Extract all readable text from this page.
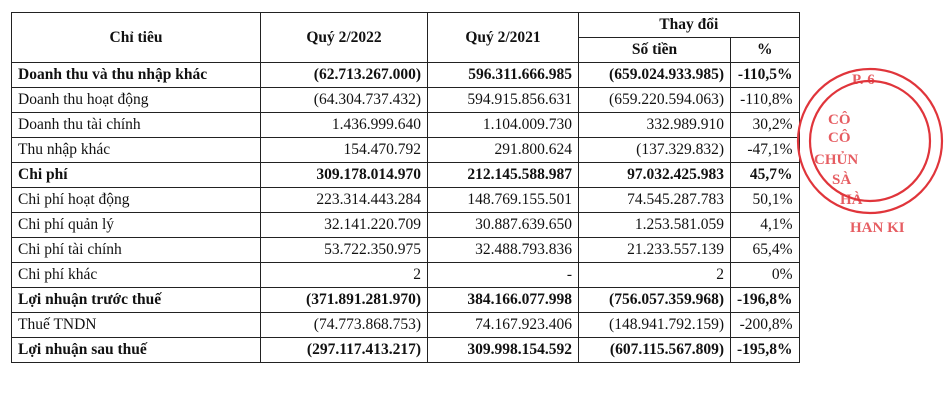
Chỉ tiêu	Quý 2/2022	Quý 2/2021	Thay đổi	
			Số tiền	%
Doanh thu và thu nhập khác	(62.713.267.000)	596.311.666.985	(659.024.933.985)	-110,5%
Doanh thu hoạt động	(64.304.737.432)	594.915.856.631	(659.220.594.063)	-110,8%
Doanh thu tài chính	1.436.999.640	1.104.009.730	332.989.910	30,2%
Thu nhập khác	154.470.792	291.800.624	(137.329.832)	-47,1%
Chi phí	309.178.014.970	212.145.588.987	97.032.425.983	45,7%
Chi phí hoạt động	223.314.443.284	148.769.155.501	74.545.287.783	50,1%
Chi phí quản lý	32.141.220.709	30.887.639.650	1.253.581.059	4,1%
Chi phí tài chính	53.722.350.975	32.488.793.836	21.233.557.139	65,4%
Chi phí khác	2	-	2	0%
Lợi nhuận trước thuế	(371.891.281.970)	384.166.077.998	(756.057.359.968)	-196,8%
Thuế TNDN	(74.773.868.753)	74.167.923.406	(148.941.792.159)	-200,8%
Lợi nhuận sau thuế	(297.117.413.217)	309.998.154.592	(607.115.567.809)	-195,8%
P. 6
CÔ
CÔ
CHỦN
SÀ
HÀ
HAN KI
